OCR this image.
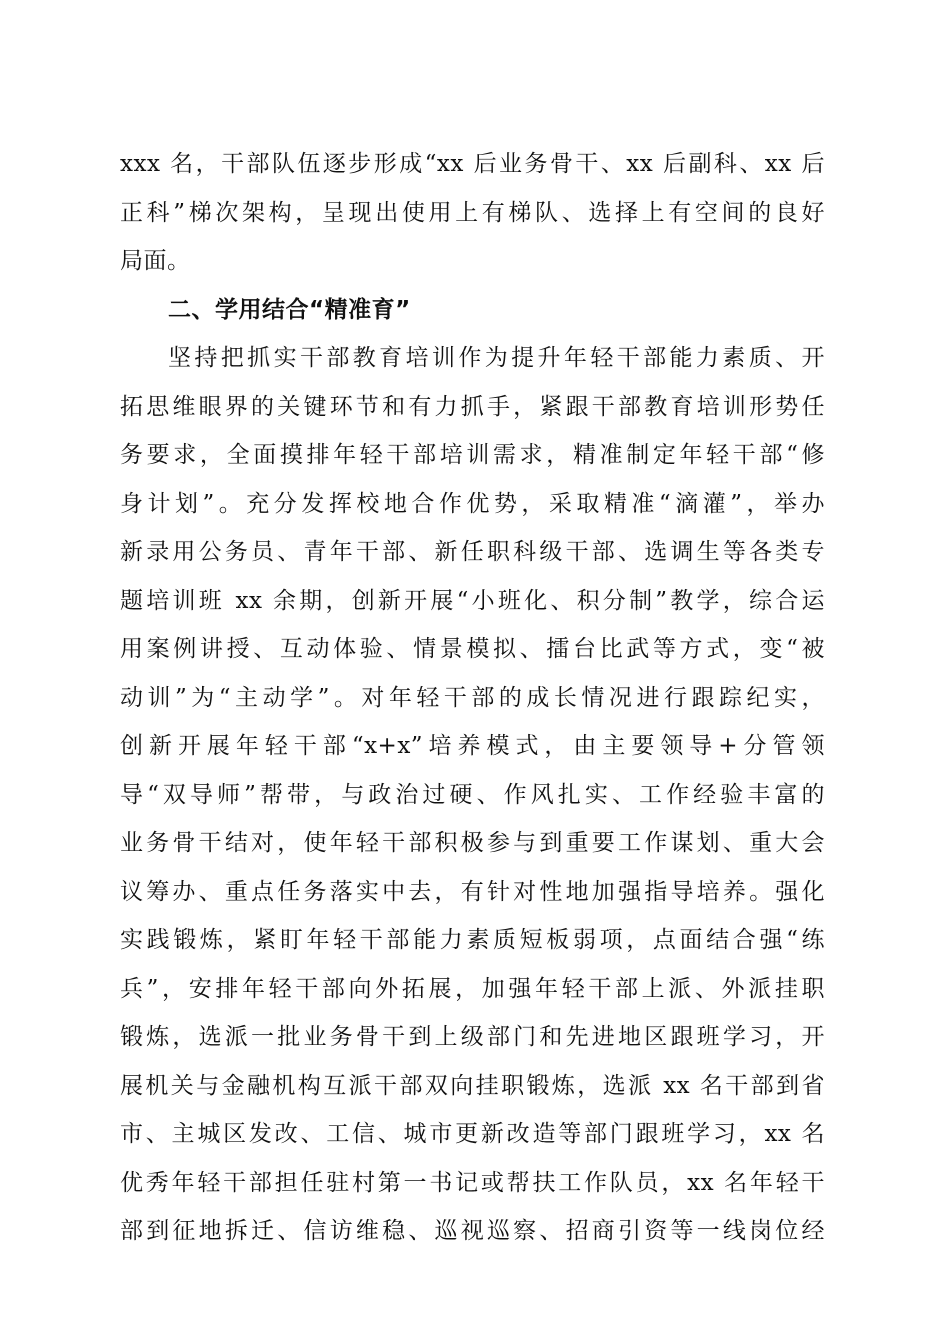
xxx 名，干部队伍逐步形成“xx 后业务骨干、xx 后副科、xx 后
正科”梯次架构，呈现出使用上有梯队、选择上有空间的良好
局面。
二、学用结合“精准育”
坚持把抓实干部教育培训作为提升年轻干部能力素质、开
拓思维眼界的关键环节和有力抓手，紧跟干部教育培训形势任
务要求，全面摸排年轻干部培训需求，精准制定年轻干部“修
身计划”。充分发挥校地合作优势，采取精准“滴灌”，举办
新录用公务员、青年干部、新任职科级干部、选调生等各类专
题培训班 xx 余期，创新开展“小班化、积分制”教学，综合运
用案例讲授、互动体验、情景模拟、擂台比武等方式，变“被
动训”为“主动学”。对年轻干部的成长情况进行跟踪纪实，
创新开展年轻干部“x+x”培养模式，由主要领导+分管领
导“双导师”帮带，与政治过硬、作风扎实、工作经验丰富的
业务骨干结对，使年轻干部积极参与到重要工作谋划、重大会
议筹办、重点任务落实中去，有针对性地加强指导培养。强化
实践锻炼，紧盯年轻干部能力素质短板弱项，点面结合强“练
兵”，安排年轻干部向外拓展，加强年轻干部上派、外派挂职
锻炼，选派一批业务骨干到上级部门和先进地区跟班学习，开
展机关与金融机构互派干部双向挂职锻炼，选派 xx 名干部到省
市、主城区发改、工信、城市更新改造等部门跟班学习，xx 名
优秀年轻干部担任驻村第一书记或帮扶工作队员，xx 名年轻干
部到征地拆迁、信访维稳、巡视巡察、招商引资等一线岗位经
